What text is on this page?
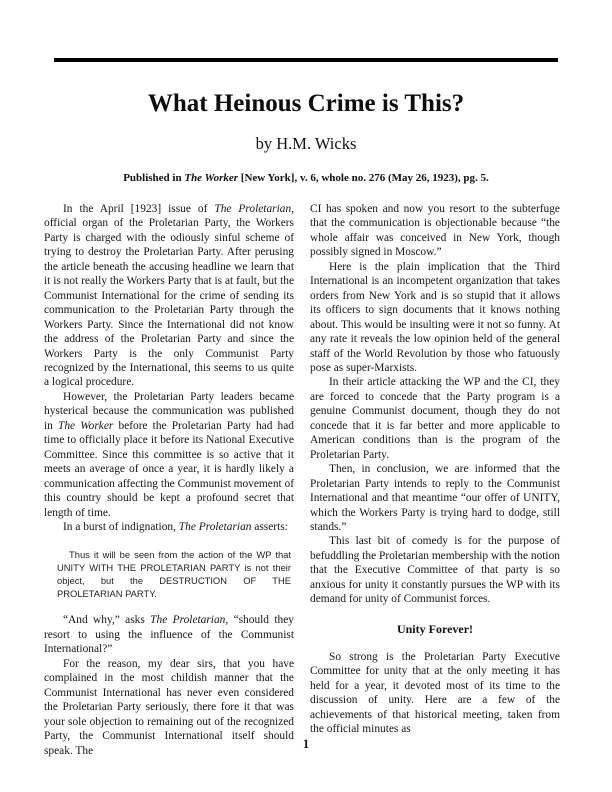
What Heinous Crime is This?
by H.M. Wicks
Published in The Worker [New York], v. 6, whole no. 276 (May 26, 1923), pg. 5.

In the April [1923] issue of The Proletarian, official organ of the Proletarian Party, the Workers Party is charged with the odiously sinful scheme of trying to destroy the Proletarian Party. After perusing the article beneath the accusing headline we learn that it is not really the Workers Party that is at fault, but the Communist International for the crime of sending its communication to the Proletarian Party through the Workers Party. Since the International did not know the address of the Proletarian Party and since the Workers Party is the only Communist Party recognized by the International, this seems to us quite a logical procedure.

However, the Proletarian Party leaders became hysterical because the communication was published in The Worker before the Proletarian Party had had time to officially place it before its National Executive Committee. Since this committee is so active that it meets an average of once a year, it is hardly likely a communication affecting the Communist movement of this country should be kept a profound secret that length of time.

In a burst of indignation, The Proletarian asserts:

Thus it will be seen from the action of the WP that UNITY WITH THE PROLETARIAN PARTY is not their object, but the DESTRUCTION OF THE PROLETARIAN PARTY.

“And why,” asks The Proletarian, “should they resort to using the influence of the Communist International?”

For the reason, my dear sirs, that you have complained in the most childish manner that the Communist International has never even considered the Proletarian Party seriously, there fore it that was your sole objection to remaining out of the recognized Party, the Communist International itself should speak. The

CI has spoken and now you resort to the subterfuge that the communication is objectionable because “the whole affair was conceived in New York, though possibly signed in Moscow.”

Here is the plain implication that the Third International is an incompetent organization that takes orders from New York and is so stupid that it allows its officers to sign documents that it knows nothing about. This would be insulting were it not so funny. At any rate it reveals the low opinion held of the general staff of the World Revolution by those who fatuously pose as super-Marxists.

In their article attacking the WP and the CI, they are forced to concede that the Party program is a genuine Communist document, though they do not concede that it is far better and more applicable to American conditions than is the program of the Proletarian Party.

Then, in conclusion, we are informed that the Proletarian Party intends to reply to the Communist International and that meantime “our offer of UNITY, which the Workers Party is trying hard to dodge, still stands.”

This last bit of comedy is for the purpose of befuddling the Proletarian membership with the notion that the Executive Committee of that party is so anxious for unity it constantly pursues the WP with its demand for unity of Communist forces.

Unity Forever!

So strong is the Proletarian Party Executive Committee for unity that at the only meeting it has held for a year, it devoted most of its time to the discussion of unity. Here are a few of the achievements of that historical meeting, taken from the official minutes as

1
